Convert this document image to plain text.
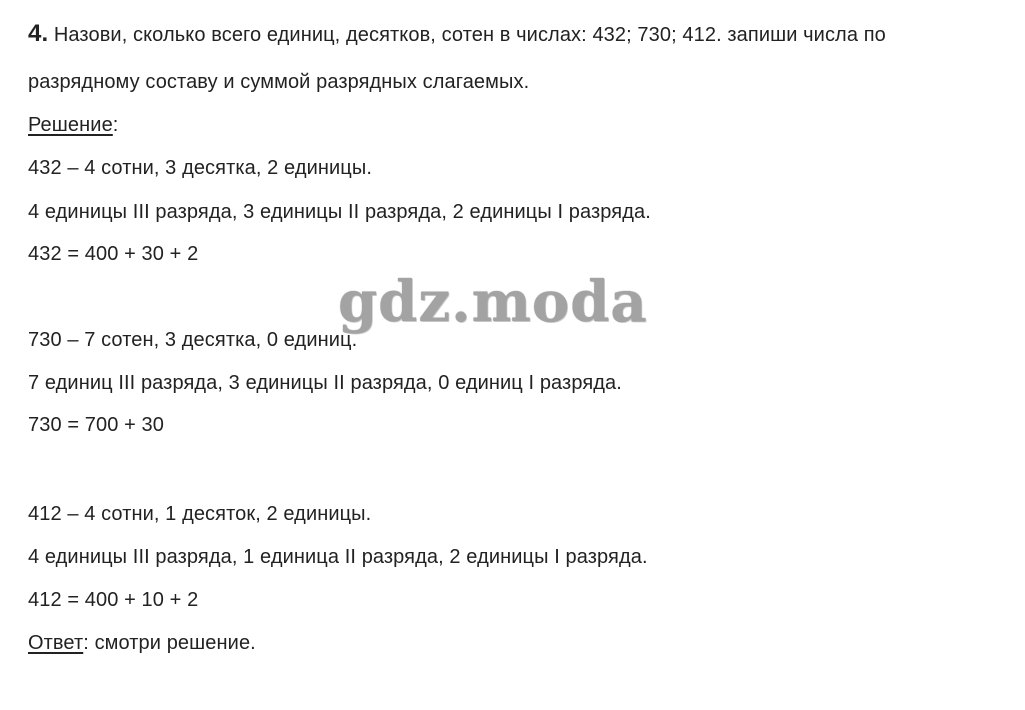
4. Назови, сколько всего единиц, десятков, сотен в числах: 432; 730; 412. запиши числа по
разрядному составу и суммой разрядных слагаемых.
Решение:
432 – 4 сотни, 3 десятка, 2 единицы.
4 единицы III разряда, 3 единицы II разряда, 2 единицы I разряда.
432 = 400 + 30 + 2
730 – 7 сотен, 3 десятка, 0 единиц.
7 единиц III разряда, 3 единицы II разряда, 0 единиц I разряда.
730 = 700 + 30
412 – 4 сотни, 1 десяток, 2 единицы.
4 единицы III разряда, 1 единица II разряда, 2 единицы I разряда.
412 = 400 + 10 + 2
Ответ: смотри решение.
gdz.moda
